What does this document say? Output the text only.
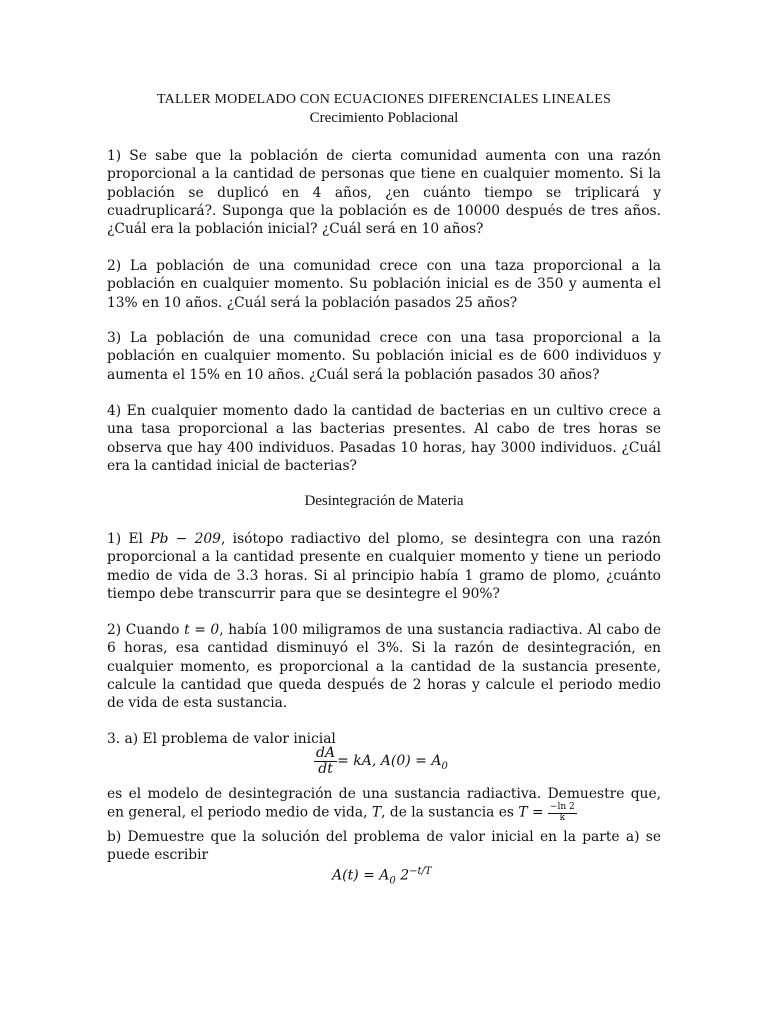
TALLER MODELADO CON ECUACIONES DIFERENCIALES LINEALES
Crecimiento Poblacional
1) Se sabe que la población de cierta comunidad aumenta con una razón proporcional a la cantidad de personas que tiene en cualquier momento. Si la población se duplicó en 4 años, ¿en cuánto tiempo se triplicará y cuadruplicará?. Suponga que la población es de 10000 después de tres años. ¿Cuál era la población inicial? ¿Cuál será en 10 años?
2) La población de una comunidad crece con una taza proporcional a la población en cualquier momento. Su población inicial es de 350 y aumenta el 13% en 10 años. ¿Cuál será la población pasados 25 años?
3) La población de una comunidad crece con una tasa proporcional a la población en cualquier momento. Su población inicial es de 600 individuos y aumenta el 15% en 10 años. ¿Cuál será la población pasados 30 años?
4) En cualquier momento dado la cantidad de bacterias en un cultivo crece a una tasa proporcional a las bacterias presentes. Al cabo de tres horas se observa que hay 400 individuos. Pasadas 10 horas, hay 3000 individuos. ¿Cuál era la cantidad inicial de bacterias?
Desintegración de Materia
1) El Pb − 209, isótopo radiactivo del plomo, se desintegra con una razón proporcional a la cantidad presente en cualquier momento y tiene un periodo medio de vida de 3.3 horas. Si al principio había 1 gramo de plomo, ¿cuánto tiempo debe transcurrir para que se desintegre el 90%?
2) Cuando t = 0, había 100 miligramos de una sustancia radiactiva. Al cabo de 6 horas, esa cantidad disminuyó el 3%. Si la razón de desintegración, en cualquier momento, es proporcional a la cantidad de la sustancia presente, calcule la cantidad que queda después de 2 horas y calcule el periodo medio de vida de esta sustancia.
3. a) El problema de valor inicial
$\frac{dA}{dt}$ = kA, $A(0) = A_0$
es el modelo de desintegración de una sustancia radiactiva. Demuestre que, en general, el periodo medio de vida, T, de la sustancia es $T = \frac{-\ln 2}{k}$
b) Demuestre que la solución del problema de valor inicial en la parte a) se puede escribir
$A(t) = A_0$ $2^{-t/T}$
